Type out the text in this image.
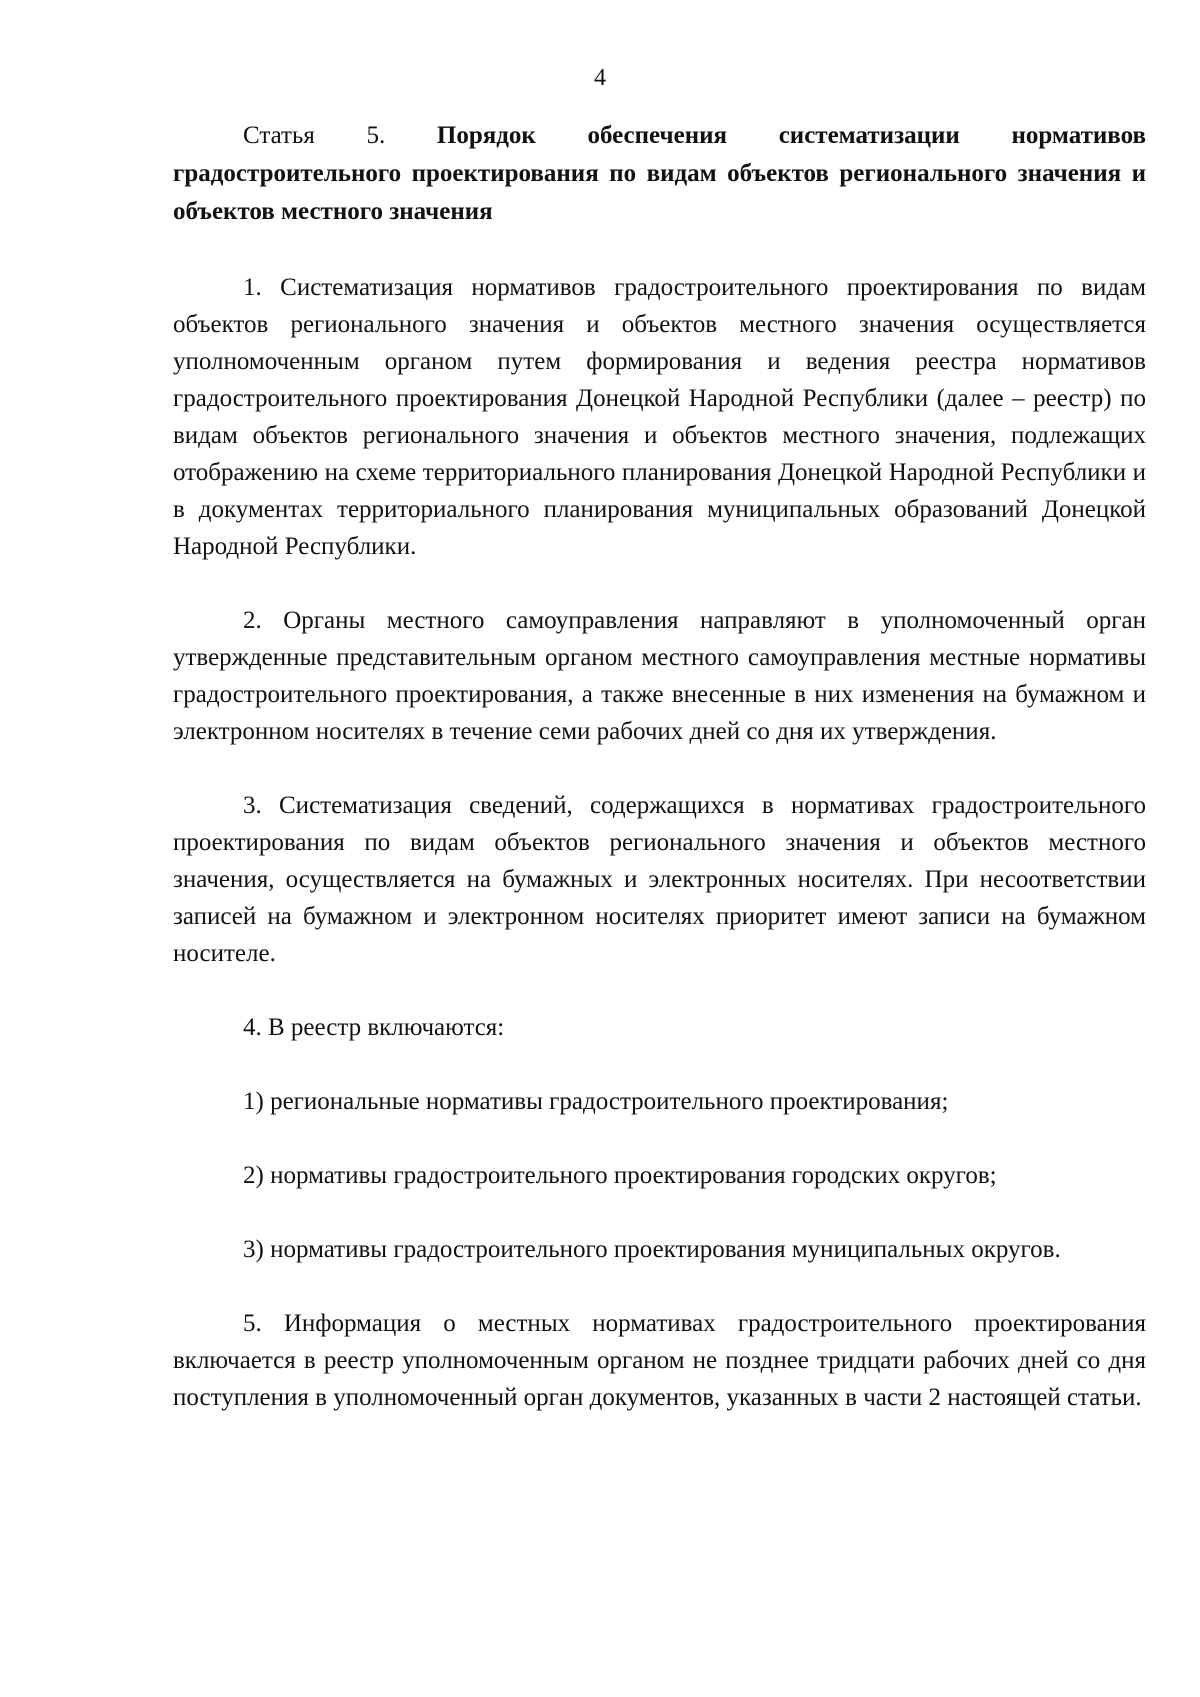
4

Статья 5. Порядок обеспечения систематизации нормативов градостроительного проектирования по видам объектов регионального значения и объектов местного значения

1. Систематизация нормативов градостроительного проектирования по видам объектов регионального значения и объектов местного значения осуществляется уполномоченным органом путем формирования и ведения реестра нормативов градостроительного проектирования Донецкой Народной Республики (далее – реестр) по видам объектов регионального значения и объектов местного значения, подлежащих отображению на схеме территориального планирования Донецкой Народной Республики и в документах территориального планирования муниципальных образований Донецкой Народной Республики.

2. Органы местного самоуправления направляют в уполномоченный орган утвержденные представительным органом местного самоуправления местные нормативы градостроительного проектирования, а также внесенные в них изменения на бумажном и электронном носителях в течение семи рабочих дней со дня их утверждения.

3. Систематизация сведений, содержащихся в нормативах градостроительного проектирования по видам объектов регионального значения и объектов местного значения, осуществляется на бумажных и электронных носителях. При несоответствии записей на бумажном и электронном носителях приоритет имеют записи на бумажном носителе.

4. В реестр включаются:

1) региональные нормативы градостроительного проектирования;

2) нормативы градостроительного проектирования городских округов;

3) нормативы градостроительного проектирования муниципальных округов.

5. Информация о местных нормативах градостроительного проектирования включается в реестр уполномоченным органом не позднее тридцати рабочих дней со дня поступления в уполномоченный орган документов, указанных в части 2 настоящей статьи.
